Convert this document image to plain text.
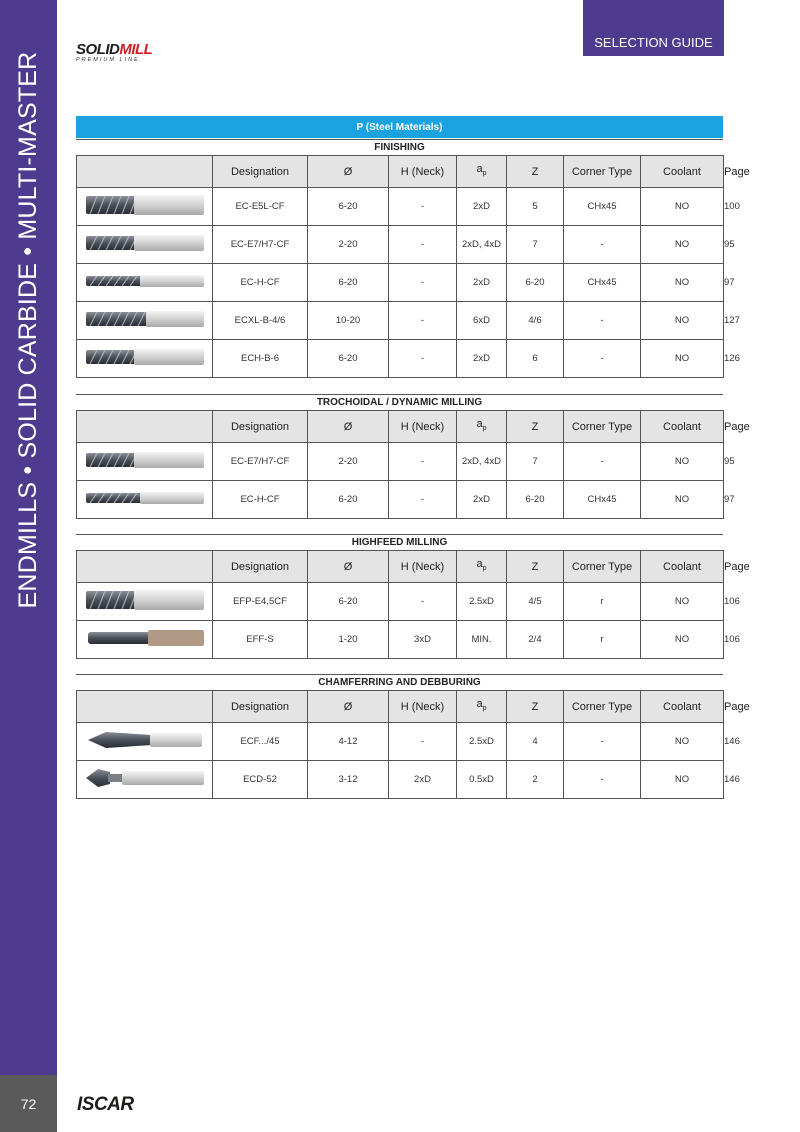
ENDMILLS • SOLID CARBIDE • MULTI-MASTER
72	ISCAR
SELECTION GUIDE
SOLIDMILL
PREMIUM LINE
P (Steel Materials)
FINISHING
	Designation	Ø	H (Neck)	$a_p$	Z	Corner Type	Coolant	Page

	EC-E5L-CF	6-20	-	2xD	5	CHx45	NO	100

	EC-E7/H7-CF	2-20	-	2xD, 4xD	7	-	NO	95

	EC-H-CF	6-20	-	2xD	6-20	CHx45	NO	97

	ECXL-B-4/6	10-20	-	6xD	4/6	-	NO	127

	ECH-B-6	6-20	-	2xD	6	-	NO	126
TROCHOIDAL / DYNAMIC MILLING
	Designation	Ø	H (Neck)	$a_p$	Z	Corner Type	Coolant	Page

	EC-E7/H7-CF	2-20	-	2xD, 4xD	7	-	NO	95

	EC-H-CF	6-20	-	2xD	6-20	CHx45	NO	97
HIGHFEED MILLING
	Designation	Ø	H (Neck)	$a_p$	Z	Corner Type	Coolant	Page

	EFP-E4,5CF	6-20	-	2.5xD	4/5	r	NO	106

	EFF-S	1-20	3xD	MIN.	2/4	r	NO	106
CHAMFERRING AND DEBBURING
	Designation	Ø	H (Neck)	$a_p$	Z	Corner Type	Coolant	Page

	ECF.../45	4-12	-	2.5xD	4	-	NO	146

	ECD-52	3-12	2xD	0.5xD	2	-	NO	146
